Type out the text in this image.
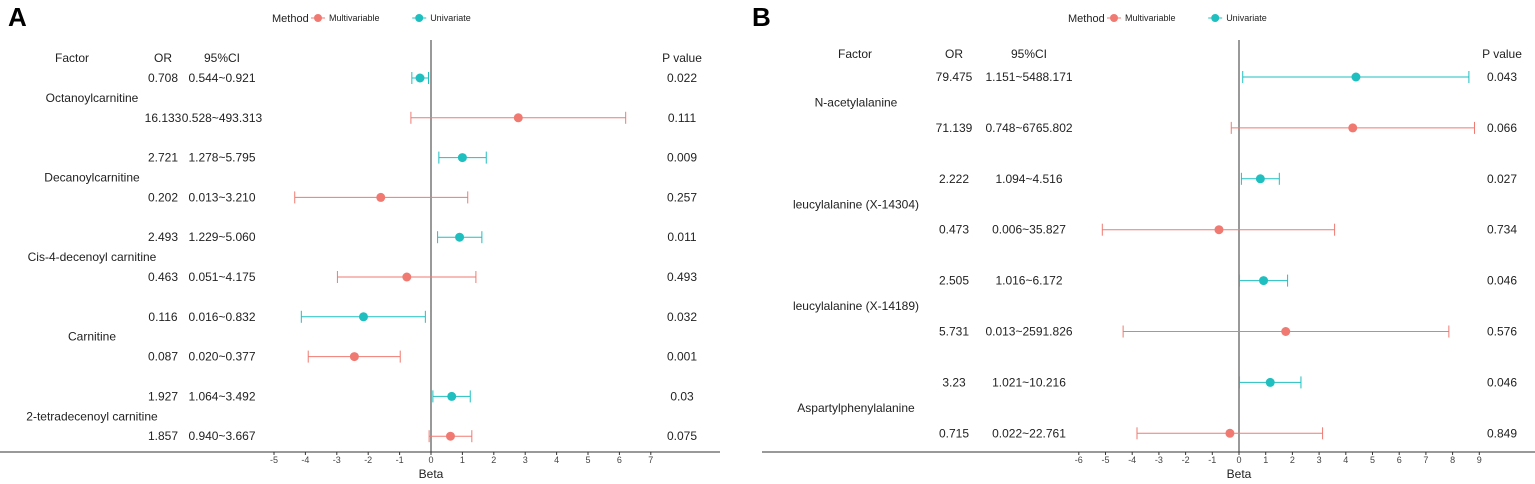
A	Method Multivariable	Univariate
Factor	OR	95%CI	P value
-5	-4	-3	-2	-1	0	1	2	3	4	5	6	7
Beta
0.708 0.544~0.921	0.022
Octanoylcarnitine
16.133 0.528~493.313	0.111
2.721 1.278~5.795	0.009
Decanoylcarnitine
0.202 0.013~3.210	0.257
2.493 1.229~5.060	0.011
Cis-4-decenoyl carnitine
0.463 0.051~4.175	0.493
0.116 0.016~0.832	0.032
Carnitine
0.087 0.020~0.377	0.001
1.927 1.064~3.492	0.03
2-tetradecenoyl carnitine
1.857 0.940~3.667	0.075
B	Method Multivariable	Univariate
Factor	OR	95%CI	P value
-6 -5 -4 -3 -2 -1 0 1 2 3 4 5 6 7 8 9
Beta
79.475 1.151~5488.171	0.043
N-acetylalanine
71.139 0.748~6765.802	0.066
2.222 1.094~4.516	0.027
leucylalanine (X-14304)
0.473 0.006~35.827	0.734
2.505 1.016~6.172	0.046
leucylalanine (X-14189)
5.731 0.013~2591.826	0.576
3.23 1.021~10.216	0.046
Aspartylphenylalanine
0.715 0.022~22.761	0.849
